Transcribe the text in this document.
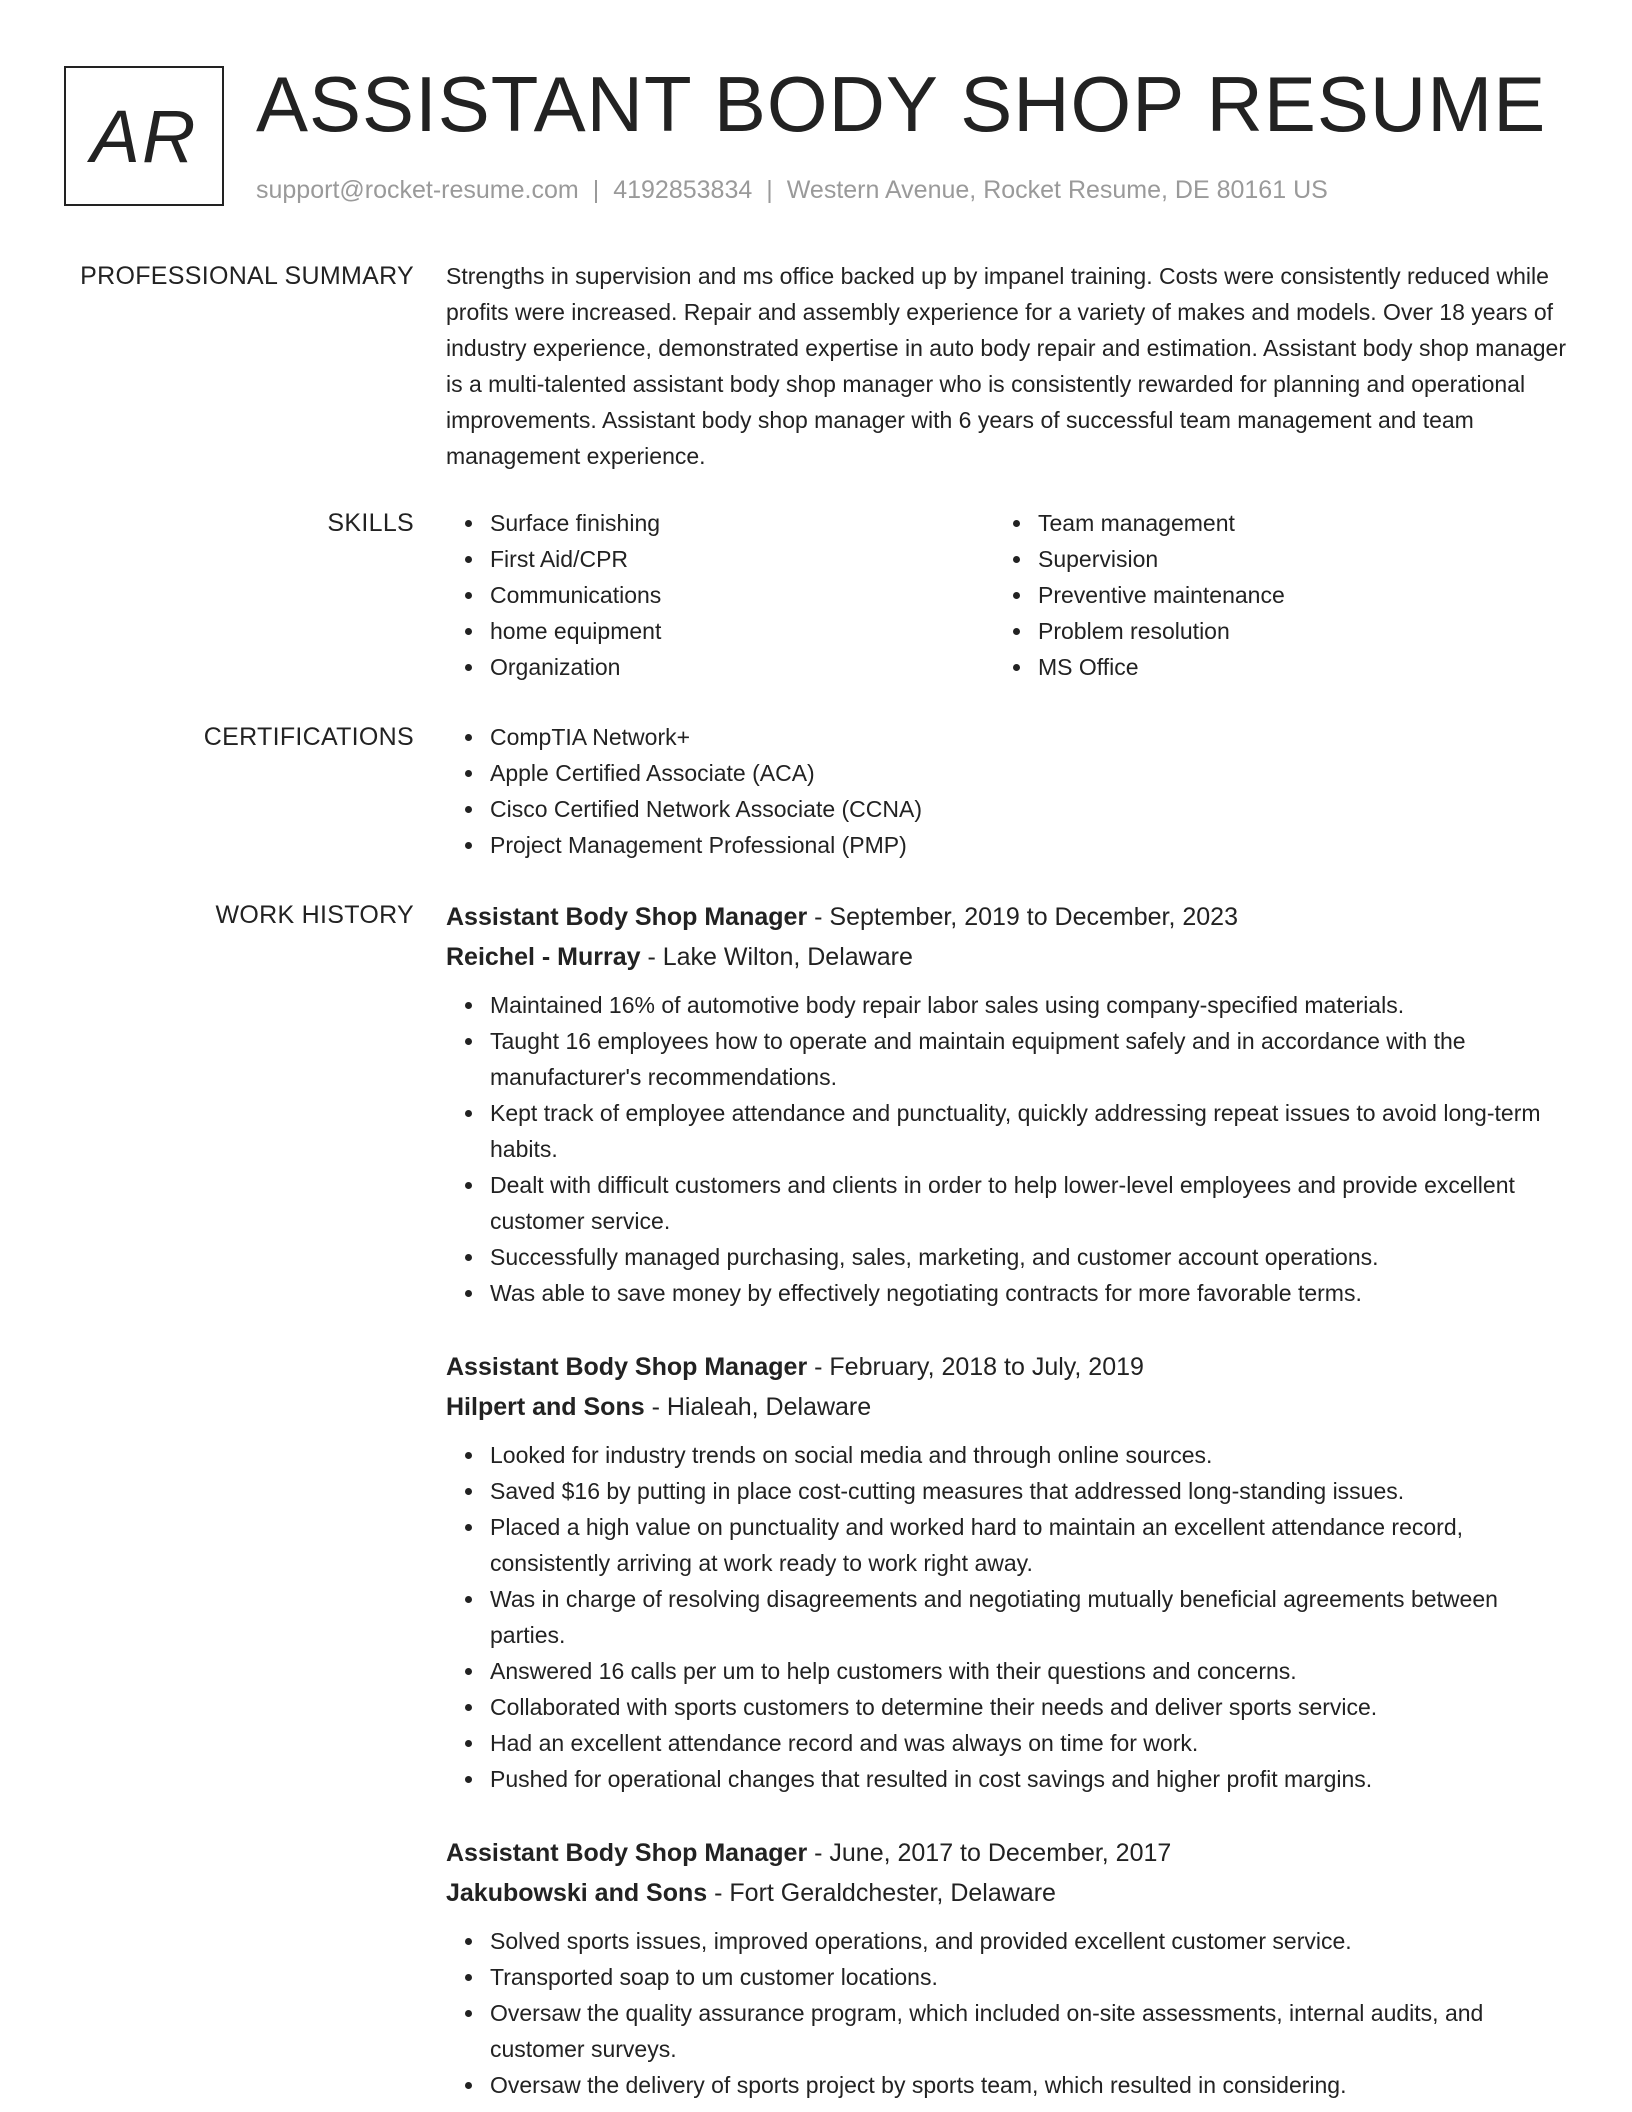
AR ASSISTANT BODY SHOP RESUME
support@rocket-resume.com | 4192853834 | Western Avenue, Rocket Resume, DE 80161 US
PROFESSIONAL SUMMARY Strengths in supervision and ms office backed up by impanel training. Costs were consistently reduced while profits were increased. Repair and assembly experience for a variety of makes and models. Over 18 years of industry experience, demonstrated expertise in auto body repair and estimation. Assistant body shop manager is a multi-talented assistant body shop manager who is consistently rewarded for planning and operational improvements. Assistant body shop manager with 6 years of successful team management and team management experience.

SKILLS	Surface finishing
First Aid/CPR
Communications
home equipment
Organization
Team management
Supervision
Preventive maintenance
Problem resolution
MS Office
CERTIFICATIONS	CompTIA Network+
Apple Certified Associate (ACA)
Cisco Certified Network Associate (CCNA)
Project Management Professional (PMP)
WORK HISTORY Assistant Body Shop Manager - September, 2019 to December, 2023
Reichel - Murray - Lake Wilton, Delaware
Maintained 16% of automotive body repair labor sales using company-specified materials.
Taught 16 employees how to operate and maintain equipment safely and in accordance with the manufacturer's recommendations.
Kept track of employee attendance and punctuality, quickly addressing repeat issues to avoid long-term habits.
Dealt with difficult customers and clients in order to help lower-level employees and provide excellent customer service.
Successfully managed purchasing, sales, marketing, and customer account operations.
Was able to save money by effectively negotiating contracts for more favorable terms.
Assistant Body Shop Manager - February, 2018 to July, 2019
Hilpert and Sons - Hialeah, Delaware
Looked for industry trends on social media and through online sources.
Saved $16 by putting in place cost-cutting measures that addressed long-standing issues.
Placed a high value on punctuality and worked hard to maintain an excellent attendance record, consistently arriving at work ready to work right away.
Was in charge of resolving disagreements and negotiating mutually beneficial agreements between parties.
Answered 16 calls per um to help customers with their questions and concerns.
Collaborated with sports customers to determine their needs and deliver sports service.
Had an excellent attendance record and was always on time for work.
Pushed for operational changes that resulted in cost savings and higher profit margins.
Assistant Body Shop Manager - June, 2017 to December, 2017
Jakubowski and Sons - Fort Geraldchester, Delaware
Solved sports issues, improved operations, and provided excellent customer service.
Transported soap to um customer locations.
Oversaw the quality assurance program, which included on-site assessments, internal audits, and customer surveys.
Oversaw the delivery of sports project by sports team, which resulted in considering.
